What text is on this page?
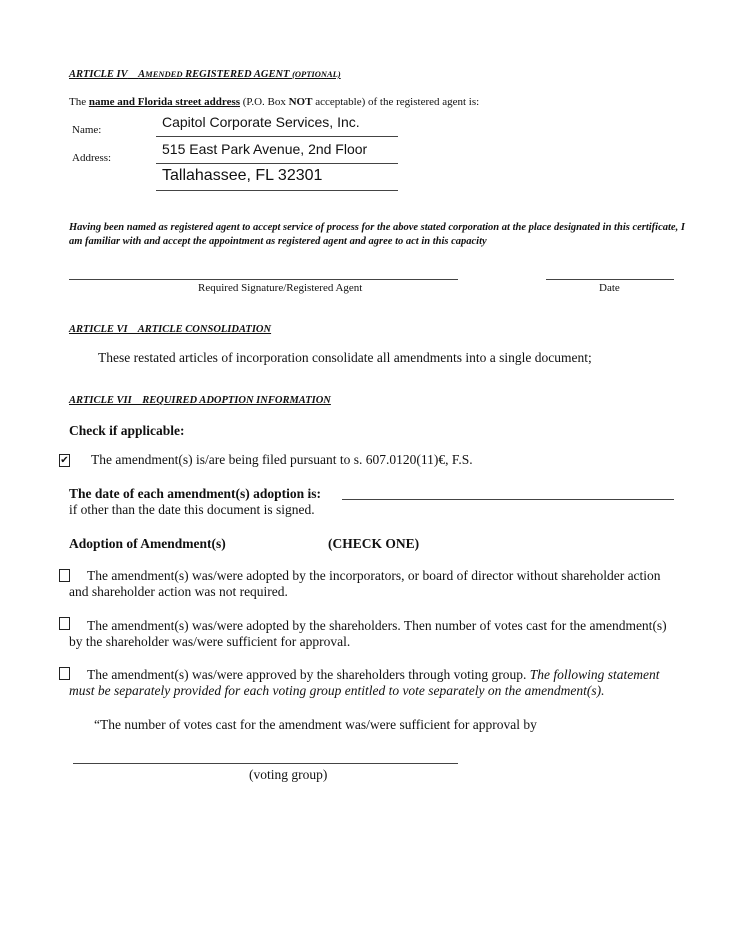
ARTICLE IV AMENDED REGISTERED AGENT (OPTIONAL)
The name and Florida street address (P.O. Box NOT acceptable) of the registered agent is:
Name:
Address:
Capitol Corporate Services, Inc.
515 East Park Avenue, 2nd Floor
Tallahassee, FL 32301
Having been named as registered agent to accept service of process for the above stated corporation at the place designated in this certificate, I am familiar with and accept the appointment as registered agent and agree to act in this capacity
Required Signature/Registered Agent	Date
ARTICLE VI    ARTICLE CONSOLIDATION
These restated articles of incorporation consolidate all amendments into a single document;
ARTICLE VII    REQUIRED ADOPTION INFORMATION
Check if applicable:
✔ The amendment(s) is/are being filed pursuant to s. 607.0120(11)€, F.S.
The date of each amendment(s) adoption is:
if other than the date this document is signed.
Adoption of Amendment(s)	(CHECK ONE)
The amendment(s) was/were adopted by the incorporators, or board of director without shareholder action and shareholder action was not required.
The amendment(s) was/were adopted by the shareholders. Then number of votes cast for the amendment(s) by the shareholder was/were sufficient for approval.
The amendment(s) was/were approved by the shareholders through voting group. The following statement must be separately provided for each voting group entitled to vote separately on the amendment(s).
“The number of votes cast for the amendment was/were sufficient for approval by
(voting group)
